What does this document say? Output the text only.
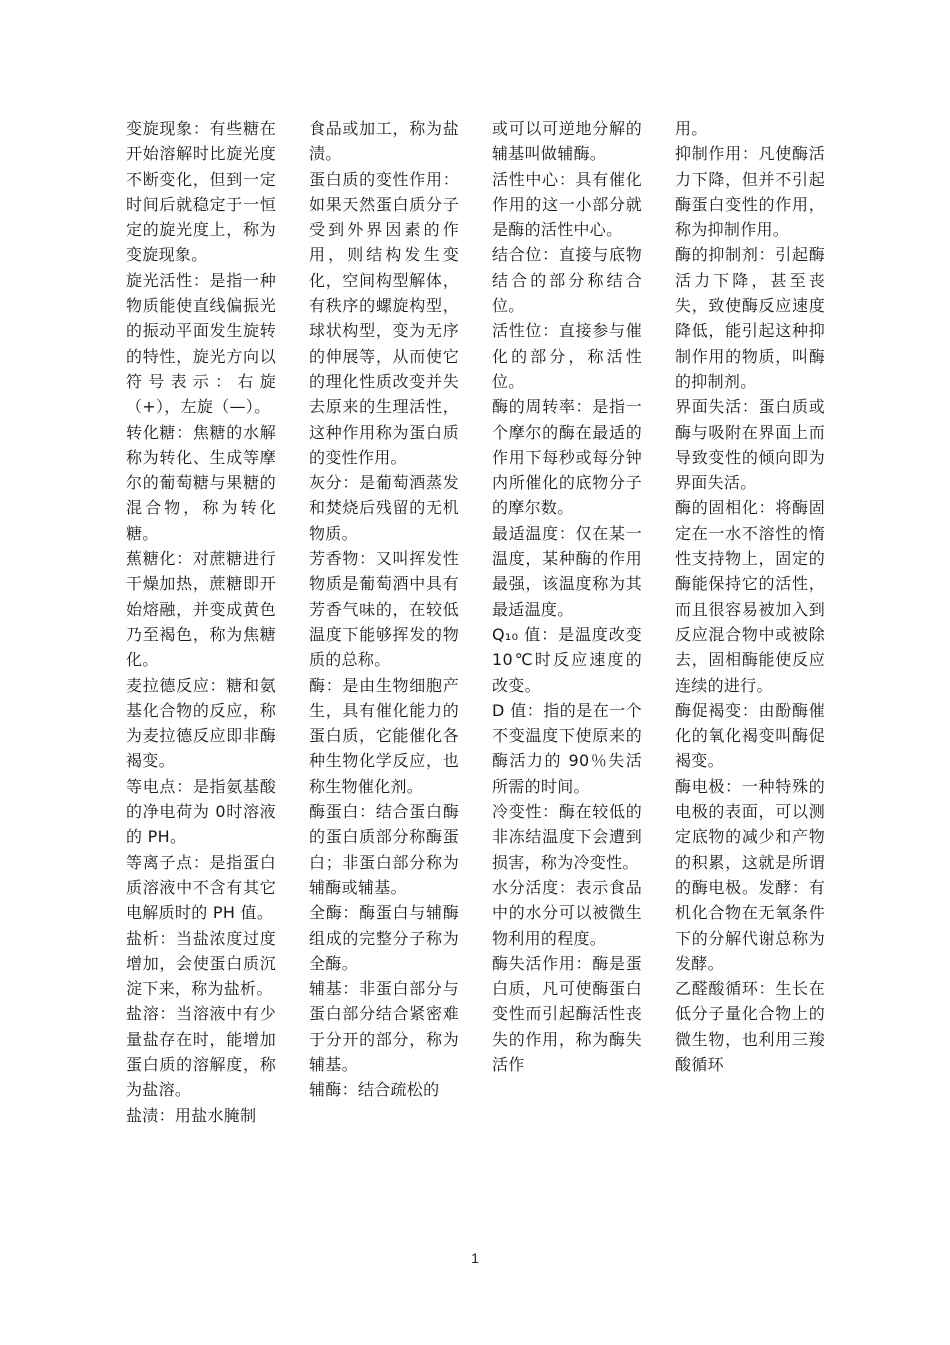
变旋现象：有些糖在开始溶解时比旋光度不断变化，但到一定时间后就稳定于一恒定的旋光度上，称为变旋现象。

旋光活性：是指一种物质能使直线偏振光的振动平面发生旋转的特性，旋光方向以符号表示：右旋（+），左旋（—）。

转化糖：焦糖的水解称为转化、生成等摩尔的葡萄糖与果糖的混合物，称为转化糖。

蕉糖化：对蔗糖进行干燥加热，蔗糖即开始熔融，并变成黄色乃至褐色，称为焦糖化。

麦拉德反应：糖和氨基化合物的反应，称为麦拉德反应即非酶褐变。

等电点：是指氨基酸的净电荷为 0时溶液的 PH。

等离子点：是指蛋白质溶液中不含有其它电解质时的 PH 值。

盐析：当盐浓度过度增加，会使蛋白质沉淀下来，称为盐析。

盐溶：当溶液中有少量盐存在时，能增加蛋白质的溶解度，称为盐溶。

盐渍：用盐水腌制

食品或加工，称为盐渍。

蛋白质的变性作用：如果天然蛋白质分子受到外界因素的作用，则结构发生变化，空间构型解体，有秩序的螺旋构型，球状构型，变为无序的伸展等，从而使它的理化性质改变并失去原来的生理活性，这种作用称为蛋白质的变性作用。

灰分：是葡萄酒蒸发和焚烧后残留的无机物质。

芳香物：又叫挥发性物质是葡萄酒中具有芳香气味的，在较低温度下能够挥发的物质的总称。

酶：是由生物细胞产生，具有催化能力的蛋白质，它能催化各种生物化学反应，也称生物催化剂。

酶蛋白：结合蛋白酶的蛋白质部分称酶蛋白；非蛋白部分称为辅酶或辅基。

全酶：酶蛋白与辅酶组成的完整分子称为全酶。

辅基：非蛋白部分与蛋白部分结合紧密难于分开的部分，称为辅基。

辅酶：结合疏松的

或可以可逆地分解的辅基叫做辅酶。

活性中心：具有催化作用的这一小部分就是酶的活性中心。

结合位：直接与底物结合的部分称结合位。

活性位：直接参与催化的部分，称活性位。

酶的周转率：是指一个摩尔的酶在最适的作用下每秒或每分钟内所催化的底物分子的摩尔数。

最适温度：仅在某一温度，某种酶的作用最强，该温度称为其最适温度。

Q₁₀ 值：是温度改变 10℃时反应速度的改变。

D 值：指的是在一个不变温度下使原来的酶活力的 90％失活所需的时间。

冷变性：酶在较低的非冻结温度下会遭到损害，称为冷变性。

水分活度：表示食品中的水分可以被微生物利用的程度。

酶失活作用：酶是蛋白质，凡可使酶蛋白变性而引起酶活性丧失的作用，称为酶失活作

用。

抑制作用：凡使酶活力下降，但并不引起酶蛋白变性的作用，称为抑制作用。

酶的抑制剂：引起酶活力下降，甚至丧失，致使酶反应速度降低，能引起这种抑制作用的物质，叫酶的抑制剂。

界面失活：蛋白质或酶与吸附在界面上而导致变性的倾向即为界面失活。

酶的固相化：将酶固定在一水不溶性的惰性支持物上，固定的酶能保持它的活性，而且很容易被加入到反应混合物中或被除去，固相酶能使反应连续的进行。

酶促褐变：由酚酶催化的氧化褐变叫酶促褐变。

酶电极：一种特殊的电极的表面，可以测定底物的减少和产物的积累，这就是所谓的酶电极。发酵：有机化合物在无氧条件下的分解代谢总称为发酵。

乙醛酸循环：生长在低分子量化合物上的微生物，也利用三羧酸循环

1
